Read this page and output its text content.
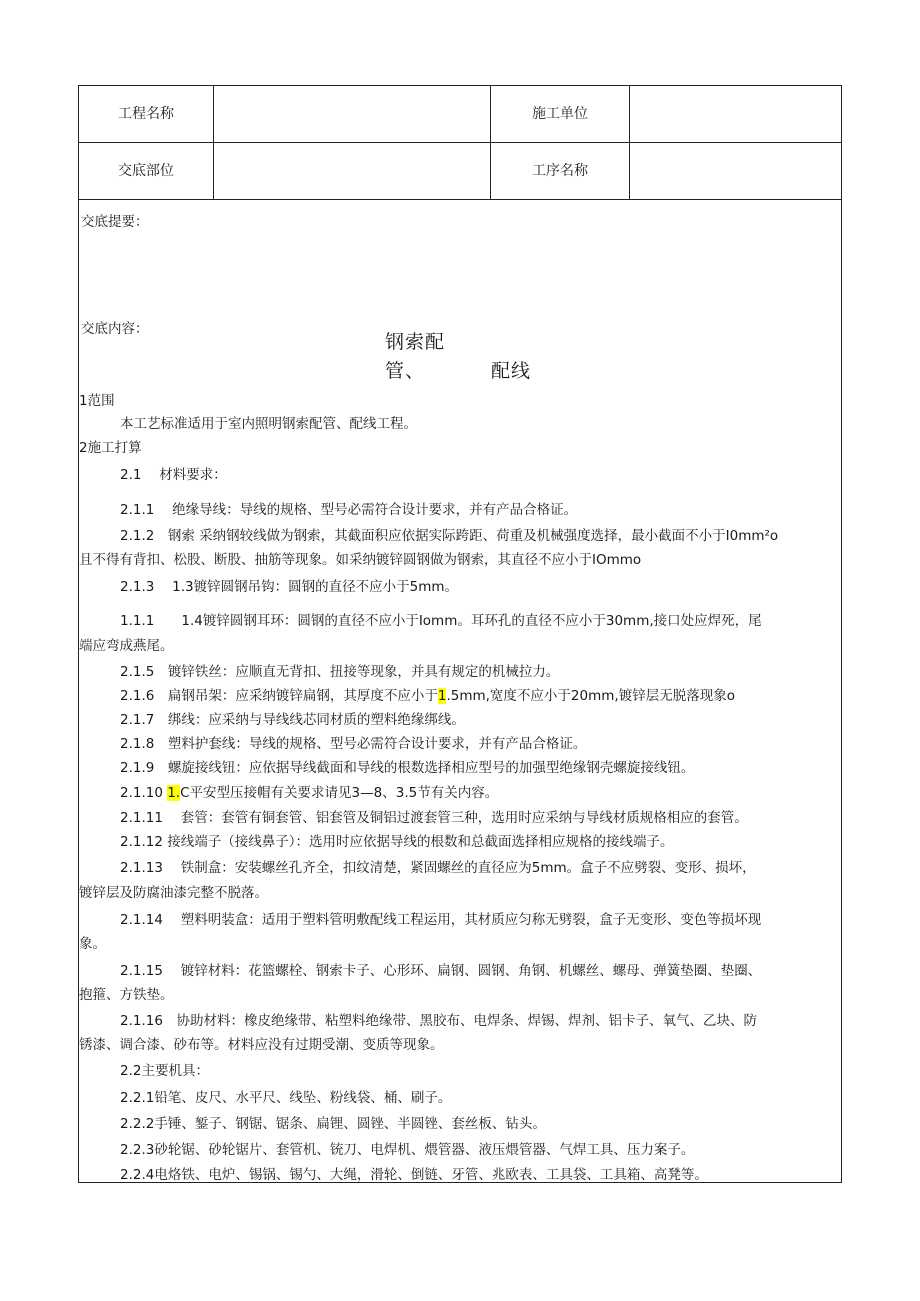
工程名称	施工单位
交底部位	工序名称
交底提要：
交底内容：
钢索配
管、	配线
1范围
本工艺标准适用于室内照明钢索配管、配线工程。
2施工打算
2.1　 材料要求：
2.1.1　 绝缘导线：导线的规格、型号必需符合设计要求，并有产品合格证。
2.1.2　钢索 采纳钢较线做为钢索，其截面积应依据实际跨距、荷重及机械强度选择，最小截面不小于I0mm²o
且不得有背扣、松股、断股、抽筋等现象。如采纳镀锌圆钢做为钢索，其直径不应小于IOmmo
2.1.3　 1.3镀锌圆钢吊钩：圆钢的直径不应小于5mm。
1.1.1　　1.4镀锌圆钢耳环：圆钢的直径不应小于Iomm。耳环孔的直径不应小于30mm,接口处应焊死，尾
端应弯成燕尾。
2.1.5　镀锌铁丝：应顺直无背扣、扭接等现象，并具有规定的机械拉力。
2.1.6　扁钢吊架：应采纳镀锌扁钢，其厚度不应小于1.5mm,宽度不应小于20mm,镀锌层无脱落现象o
2.1.7　绑线：应采纳与导线线芯同材质的塑料绝缘绑线。
2.1.8　塑料护套线：导线的规格、型号必需符合设计要求，并有产品合格证。
2.1.9　螺旋接线钮：应依据导线截面和导线的根数选择相应型号的加强型绝缘钢壳螺旋接线钮。
2.1.10 1.C平安型压接帽有关要求请见3—8、3.5节有关内容。
2.1.11　 套管：套管有铜套管、铝套管及铜铝过渡套管三种，选用时应采纳与导线材质规格相应的套管。
2.1.12 接线端子（接线鼻子）：选用时应依据导线的根数和总截面选择相应规格的接线端子。
2.1.13　 铁制盒：安装螺丝孔齐全，扣纹清楚，紧固螺丝的直径应为5mm。盒子不应劈裂、变形、损坏，
镀锌层及防腐油漆完整不脱落。
2.1.14　 塑料明装盒：适用于塑料管明敷配线工程运用，其材质应匀称无劈裂，盒子无变形、变色等损坏现
象。
2.1.15　 镀锌材料：花篮螺栓、钢索卡子、心形环、扁钢、圆钢、角钢、机螺丝、螺母、弹簧垫圈、垫圈、
抱箍、方铁垫。
2.1.16　协助材料：橡皮绝缘带、粘塑料绝缘带、黑胶布、电焊条、焊锡、焊剂、铝卡子、氧气、乙块、防
锈漆、调合漆、砂布等。材料应没有过期受潮、变质等现象。
2.2主要机具：
2.2.1铅笔、皮尺、水平尺、线坠、粉线袋、桶、刷子。
2.2.2手锤、錾子、钢锯、锯条、扁锂、圆锉、半圆锉、套丝板、钻头。
2.2.3砂轮锯、砂轮锯片、套管机、铳刀、电焊机、煨管器、液压煨管器、气焊工具、压力案子。
2.2.4电烙铁、电炉、锡锅、锡勺、大绳，滑轮、倒链、牙管、兆欧表、工具袋、工具箱、高凳等。
